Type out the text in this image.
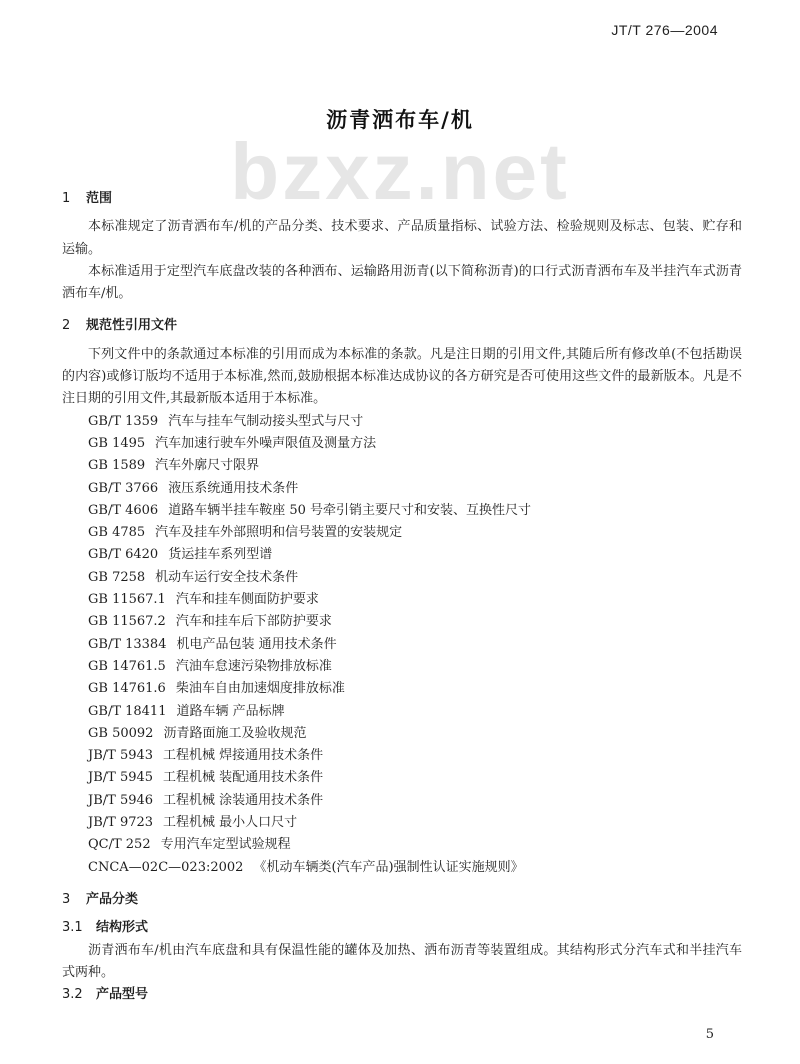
JT/T 276—2004
沥青洒布车/机
bzxz.net

1 范围

本标准规定了沥青洒布车/机的产品分类、技术要求、产品质量指标、试验方法、检验规则及标志、包装、贮存和运输。

本标准适用于定型汽车底盘改装的各种洒布、运输路用沥青(以下简称沥青)的口行式沥青洒布车及半挂汽车式沥青洒布车/机。

2 规范性引用文件

下列文件中的条款通过本标准的引用而成为本标准的条款。凡是注日期的引用文件,其随后所有修改单(不包括勘误的内容)或修订版均不适用于本标准,然而,鼓励根据本标准达成协议的各方研究是否可使用这些文件的最新版本。凡是不注日期的引用文件,其最新版本适用于本标准。

GB/T 1359 汽车与挂车气制动接头型式与尺寸
GB 1495 汽车加速行驶车外噪声限值及测量方法
GB 1589 汽车外廓尺寸限界
GB/T 3766 液压系统通用技术条件
GB/T 4606 道路车辆半挂车鞍座 50 号牵引销主要尺寸和安装、互换性尺寸
GB 4785 汽车及挂车外部照明和信号装置的安装规定
GB/T 6420 货运挂车系列型谱
GB 7258 机动车运行安全技术条件
GB 11567.1 汽车和挂车侧面防护要求
GB 11567.2 汽车和挂车后下部防护要求
GB/T 13384 机电产品包装 通用技术条件
GB 14761.5 汽油车怠速污染物排放标准
GB 14761.6 柴油车自由加速烟度排放标准
GB/T 18411 道路车辆 产品标牌
GB 50092 沥青路面施工及验收规范
JB/T 5943 工程机械 焊接通用技术条件
JB/T 5945 工程机械 装配通用技术条件
JB/T 5946 工程机械 涂装通用技术条件
JB/T 9723 工程机械 最小人口尺寸
QC/T 252 专用汽车定型试验规程
CNCA—02C—023:2002 《机动车辆类(汽车产品)强制性认证实施规则》

3 产品分类

3.1 结构形式

沥青洒布车/机由汽车底盘和具有保温性能的罐体及加热、洒布沥青等装置组成。其结构形式分汽车式和半挂汽车式两种。

3.2 产品型号

5
